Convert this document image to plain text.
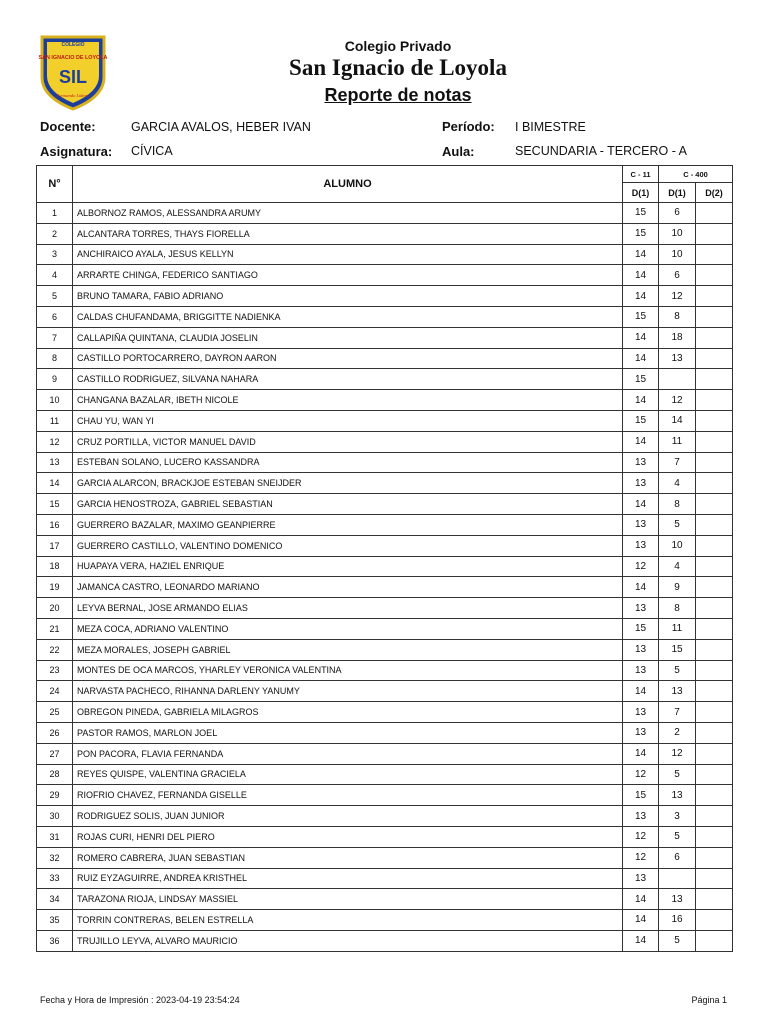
COLEGIO
SAN IGNACIO DE LOYOLA
SIL
Formando Líderes
Colegio Privado
San Ignacio de Loyola
Reporte de notas
Docente:	GARCIA AVALOS, HEBER IVAN	Período: I BIMESTRE
Asignatura: CÍVICA	Aula:	SECUNDARIA - TERCERO - A
N°	ALUMNO	C - 11	C - 400	
		D(1)	D(1)	D(2)
1	ALBORNOZ RAMOS, ALESSANDRA ARUMY	15	6	
2	ALCANTARA TORRES, THAYS FIORELLA	15	10	
3	ANCHIRAICO AYALA, JESUS KELLYN	14	10	
4	ARRARTE CHINGA, FEDERICO SANTIAGO	14	6	
5	BRUNO TAMARA, FABIO ADRIANO	14	12	
6	CALDAS CHUFANDAMA, BRIGGITTE NADIENKA	15	8	
7	CALLAPIÑA QUINTANA, CLAUDIA JOSELIN	14	18	
8	CASTILLO PORTOCARRERO, DAYRON AARON	14	13	
9	CASTILLO RODRIGUEZ, SILVANA NAHARA	15		
10	CHANGANA BAZALAR, IBETH NICOLE	14	12	
11	CHAU YU, WAN YI	15	14	
12	CRUZ PORTILLA, VICTOR MANUEL DAVID	14	11	
13	ESTEBAN SOLANO, LUCERO KASSANDRA	13	7	
14	GARCIA ALARCON, BRACKJOE ESTEBAN SNEIJDER	13	4	
15	GARCIA HENOSTROZA, GABRIEL SEBASTIAN	14	8	
16	GUERRERO BAZALAR, MAXIMO GEANPIERRE	13	5	
17	GUERRERO CASTILLO, VALENTINO DOMENICO	13	10	
18	HUAPAYA VERA, HAZIEL ENRIQUE	12	4	
19	JAMANCA CASTRO, LEONARDO MARIANO	14	9	
20	LEYVA BERNAL, JOSE ARMANDO ELIAS	13	8	
21	MEZA COCA, ADRIANO VALENTINO	15	11	
22	MEZA MORALES, JOSEPH GABRIEL	13	15	
23	MONTES DE OCA MARCOS, YHARLEY VERONICA VALENTINA	13	5	
24	NARVASTA PACHECO, RIHANNA DARLENY YANUMY	14	13	
25	OBREGON PINEDA, GABRIELA MILAGROS	13	7	
26	PASTOR RAMOS, MARLON JOEL	13	2	
27	PON PACORA, FLAVIA FERNANDA	14	12	
28	REYES QUISPE, VALENTINA GRACIELA	12	5	
29	RIOFRIO CHAVEZ, FERNANDA GISELLE	15	13	
30	RODRIGUEZ SOLIS, JUAN JUNIOR	13	3	
31	ROJAS CURI, HENRI DEL PIERO	12	5	
32	ROMERO CABRERA, JUAN SEBASTIAN	12	6	
33	RUIZ EYZAGUIRRE, ANDREA KRISTHEL	13		
34	TARAZONA RIOJA, LINDSAY MASSIEL	14	13	
35	TORRIN CONTRERAS, BELEN ESTRELLA	14	16	
36	TRUJILLO LEYVA, ALVARO MAURICIO	14	5	
Fecha y Hora de Impresión : 2023-04-19 23:54:24	Página 1
